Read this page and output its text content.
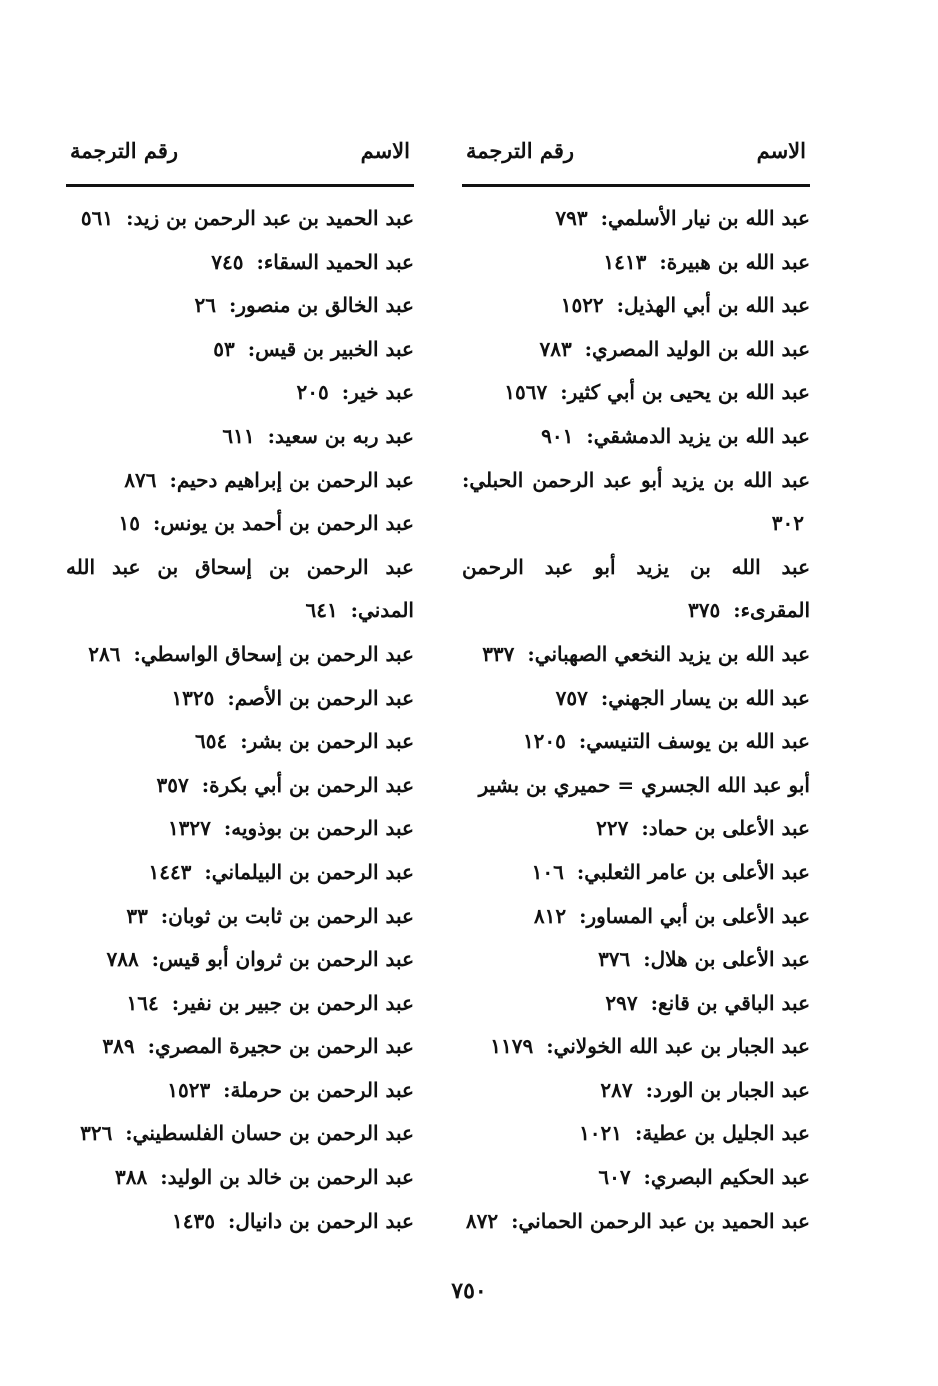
الاسم
رقم الترجمة
عبد الله بن نيار الأسلمي: ٧٩٣
عبد الله بن هبيرة: ١٤١٣
عبد الله بن أبي الهذيل: ١٥٢٢
عبد الله بن الوليد المصري: ٧٨٣
عبد الله بن يحيى بن أبي كثير: ١٥٦٧
عبد الله بن يزيد الدمشقي: ٩٠١
عبد الله بن يزيد أبو عبد الرحمن الحبلي: ٣٠٢
عبد الله بن يزيد أبو عبد الرحمن المقرىء: ٣٧٥
عبد الله بن يزيد النخعي الصهباني: ٣٣٧
عبد الله بن يسار الجهني: ٧٥٧
عبد الله بن يوسف التنيسي: ١٢٠٥
أبو عبد الله الجسري = حميري بن بشير
عبد الأعلى بن حماد: ٢٢٧
عبد الأعلى بن عامر الثعلبي: ١٠٦
عبد الأعلى بن أبي المساور: ٨١٢
عبد الأعلى بن هلال: ٣٧٦
عبد الباقي بن قانع: ٢٩٧
عبد الجبار بن عبد الله الخولاني: ١١٧٩
عبد الجبار بن الورد: ٢٨٧
عبد الجليل بن عطية: ١٠٢١
عبد الحكيم البصري: ٦٠٧
عبد الحميد بن عبد الرحمن الحماني: ٨٧٢
الاسم
رقم الترجمة
عبد الحميد بن عبد الرحمن بن زيد: ٥٦١
عبد الحميد السقاء: ٧٤٥
عبد الخالق بن منصور: ٢٦
عبد الخبير بن قيس: ٥٣
عبد خير: ٢٠٥
عبد ربه بن سعيد: ٦١١
عبد الرحمن بن إبراهيم دحيم: ٨٧٦
عبد الرحمن بن أحمد بن يونس: ١٥
عبد الرحمن بن إسحاق بن عبد الله المدني: ٦٤١
عبد الرحمن بن إسحاق الواسطي: ٢٨٦
عبد الرحمن بن الأصم: ١٣٢٥
عبد الرحمن بن بشر: ٦٥٤
عبد الرحمن بن أبي بكرة: ٣٥٧
عبد الرحمن بن بوذويه: ١٣٢٧
عبد الرحمن بن البيلماني: ١٤٤٣
عبد الرحمن بن ثابت بن ثوبان: ٣٣
عبد الرحمن بن ثروان أبو قيس: ٧٨٨
عبد الرحمن بن جبير بن نفير: ١٦٤
عبد الرحمن بن حجيرة المصري: ٣٨٩
عبد الرحمن بن حرملة: ١٥٢٣
عبد الرحمن بن حسان الفلسطيني: ٣٢٦
عبد الرحمن بن خالد بن الوليد: ٣٨٨
عبد الرحمن بن دانيال: ١٤٣٥
٧٥٠
